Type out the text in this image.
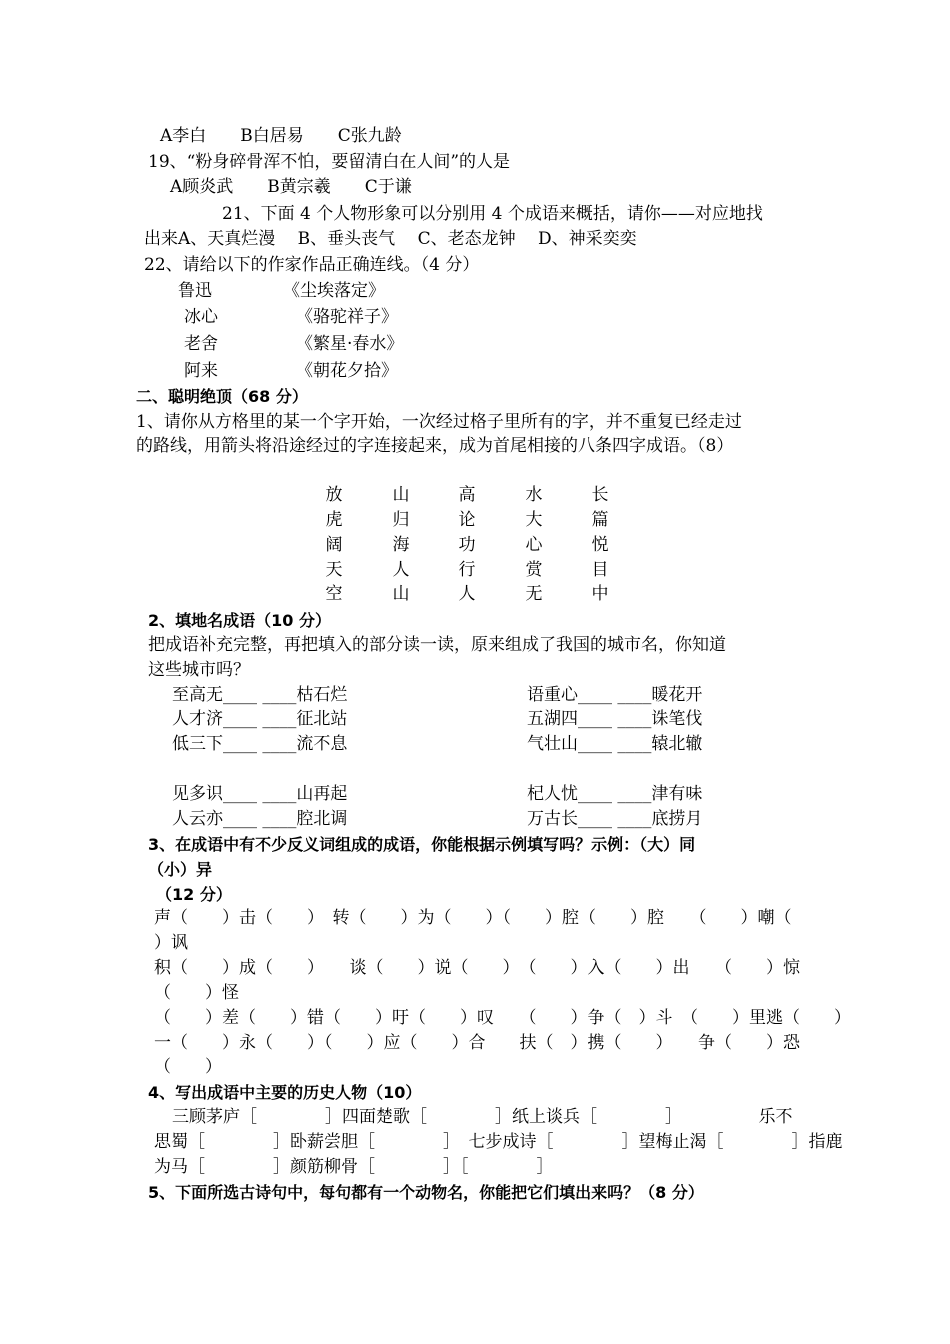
A李白　　B白居易　　C张九龄
19、“粉身碎骨浑不怕，要留清白在人间”的人是
A顾炎武　　B黄宗羲　　C于谦
21、下面 4 个人物形象可以分别用 4 个成语来概括，请你——对应地找
出来A、天真烂漫　 B、垂头丧气　 C、老态龙钟　 D、神采奕奕
22、请给以下的作家作品正确连线。（4 分）
鲁迅	《尘埃落定》
冰心	《骆驼祥子》
老舍	《繁星·春水》
阿来	《朝花夕拾》
二、聪明绝顶（68 分）
1、请你从方格里的某一个字开始，一次经过格子里所有的字，并不重复已经走过
的路线，用箭头将沿途经过的字连接起来，成为首尾相接的八条四字成语。（8）
放	山	高	水	长
虎	归	论	大	篇
阔	海	功	心	悦
天	人	行	赏	目
空	山	人	无	中
2、填地名成语（10 分）
把成语补充完整，再把填入的部分读一读，原来组成了我国的城市名，你知道
这些城市吗？
至高无____ ____枯石烂	语重心____ ____暖花开
人才济____ ____征北站	五湖四____ ____诛笔伐
低三下____ ____流不息	气壮山____ ____辕北辙
见多识____ ____山再起	杞人忧____ ____津有味
人云亦____ ____腔北调	万古长____ ____底捞月
3、在成语中有不少反义词组成的成语，你能根据示例填写吗？示例：（大）同
（小）异
（12 分）
声（　　）击（　　）　转（　　）为（　　）（　　）腔（　　）腔　　（　　）嘲（
）讽
积（　　）成（　　）　　谈（　　）说（　　）　（　　）入（　　）出　　（　　）惊
（　　）怪
（　　）差（　　）错（　　）吁（　　）叹　　（　　）争（　）斗　（　　）里逃（　　）
一（　　）永（　　）（　　）应（　　）合　　扶（　）携（　　）　　争（　　）恐
（　　）
4、写出成语中主要的历史人物（10）
三顾茅庐［　　　　］四面楚歌［　　　　］纸上谈兵［　　　　］　　　　　乐不
思蜀［　　　　］卧薪尝胆［　　　　］　七步成诗［　　　　］望梅止渴［　　　　］指鹿
为马［　　　　］颜筋柳骨［　　　　］［　　　　］
5、下面所选古诗句中，每句都有一个动物名，你能把它们填出来吗？（8 分）
